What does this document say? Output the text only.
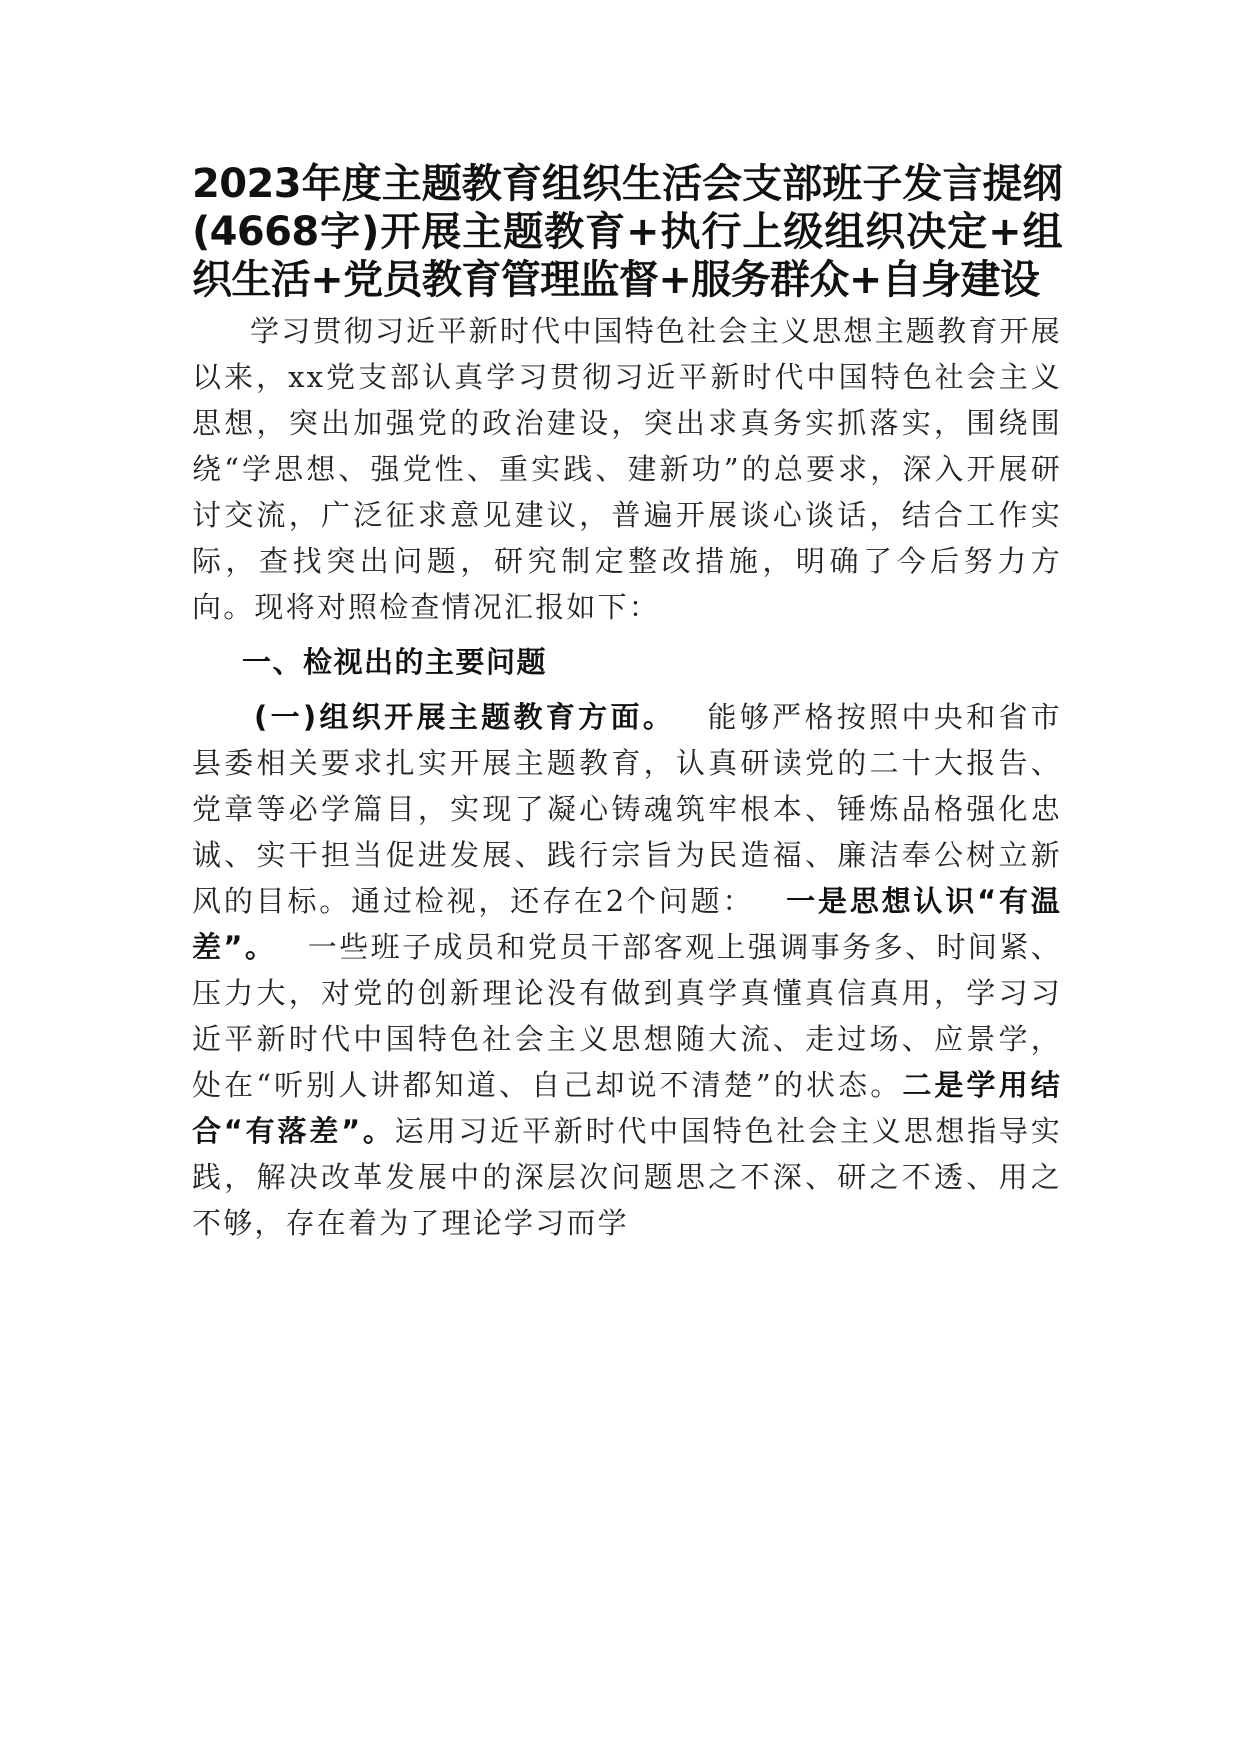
2023年度主题教育组织生活会支部班子发言提纲(4668字)开展主题教育+执行上级组织决定+组织生活+党员教育管理监督+服务群众+自身建设

学习贯彻习近平新时代中国特色社会主义思想主题教育开展以来，xx党支部认真学习贯彻习近平新时代中国特色社会主义思想，突出加强党的政治建设，突出求真务实抓落实，围绕围绕“学思想、强党性、重实践、建新功”的总要求，深入开展研讨交流，广泛征求意见建议，普遍开展谈心谈话，结合工作实际，查找突出问题，研究制定整改措施，明确了今后努力方向。现将对照检查情况汇报如下：

一、检视出的主要问题

(一)组织开展主题教育方面。  能够严格按照中央和省市县委相关要求扎实开展主题教育，认真研读党的二十大报告、党章等必学篇目，实现了凝心铸魂筑牢根本、锤炼品格强化忠诚、实干担当促进发展、践行宗旨为民造福、廉洁奉公树立新风的目标。通过检视，还存在2个问题：  一是思想认识“有温差”。  一些班子成员和党员干部客观上强调事务多、时间紧、压力大，对党的创新理论没有做到真学真懂真信真用，学习习近平新时代中国特色社会主义思想随大流、走过场、应景学，处在“听别人讲都知道、自己却说不清楚”的状态。二是学用结合“有落差”。运用习近平新时代中国特色社会主义思想指导实践，解决改革发展中的深层次问题思之不深、研之不透、用之不够，存在着为了理论学习而学
